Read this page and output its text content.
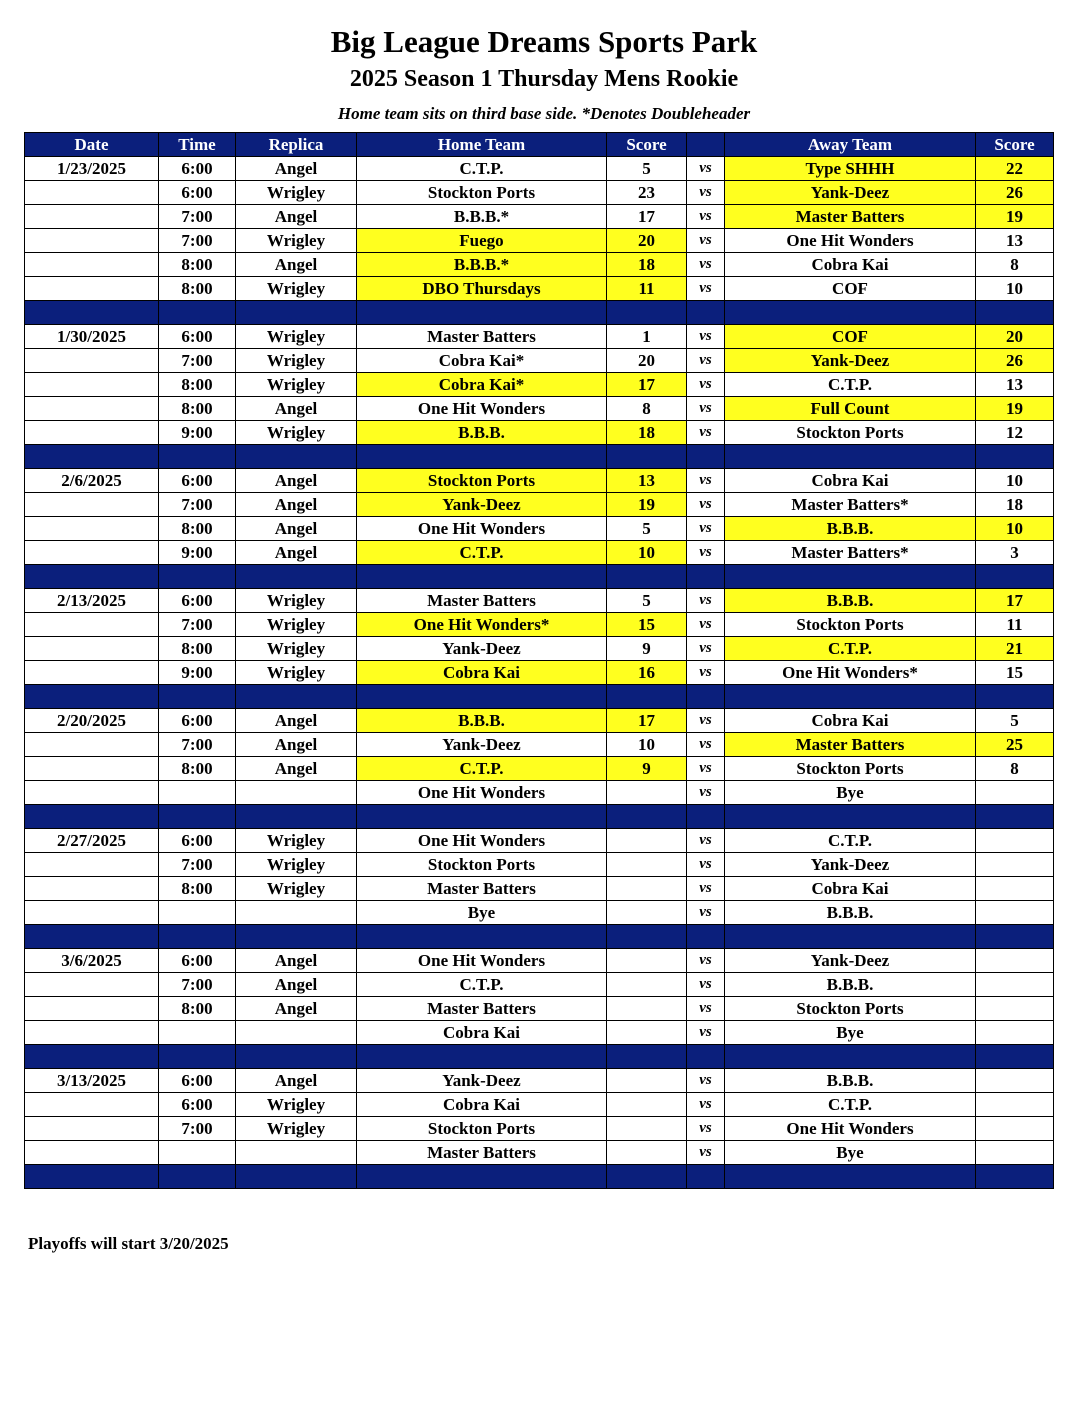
Big League Dreams Sports Park
2025 Season 1 Thursday Mens Rookie
Home team sits on third base side. *Denotes Doubleheader
Date	Time	Replica	Home Team	Score		Away Team	Score
1/23/2025	6:00	Angel	C.T.P.	5	vs	Type SHHH	22
	6:00	Wrigley	Stockton Ports	23	vs	Yank-Deez	26
	7:00	Angel	B.B.B.*	17	vs	Master Batters	19
	7:00	Wrigley	Fuego	20	vs	One Hit Wonders	13
	8:00	Angel	B.B.B.*	18	vs	Cobra Kai	8
	8:00	Wrigley	DBO Thursdays	11	vs	COF	10

1/30/2025	6:00	Wrigley	Master Batters	1	vs	COF	20
	7:00	Wrigley	Cobra Kai*	20	vs	Yank-Deez	26
	8:00	Wrigley	Cobra Kai*	17	vs	C.T.P.	13
	8:00	Angel	One Hit Wonders	8	vs	Full Count	19
	9:00	Wrigley	B.B.B.	18	vs	Stockton Ports	12

2/6/2025	6:00	Angel	Stockton Ports	13	vs	Cobra Kai	10
	7:00	Angel	Yank-Deez	19	vs	Master Batters*	18
	8:00	Angel	One Hit Wonders	5	vs	B.B.B.	10
	9:00	Angel	C.T.P.	10	vs	Master Batters*	3

2/13/2025	6:00	Wrigley	Master Batters	5	vs	B.B.B.	17
	7:00	Wrigley	One Hit Wonders*	15	vs	Stockton Ports	11
	8:00	Wrigley	Yank-Deez	9	vs	C.T.P.	21
	9:00	Wrigley	Cobra Kai	16	vs	One Hit Wonders*	15

2/20/2025	6:00	Angel	B.B.B.	17	vs	Cobra Kai	5
	7:00	Angel	Yank-Deez	10	vs	Master Batters	25
	8:00	Angel	C.T.P.	9	vs	Stockton Ports	8
			One Hit Wonders		vs	Bye	

2/27/2025	6:00	Wrigley	One Hit Wonders		vs	C.T.P.	
	7:00	Wrigley	Stockton Ports		vs	Yank-Deez	
	8:00	Wrigley	Master Batters		vs	Cobra Kai	
			Bye		vs	B.B.B.	

3/6/2025	6:00	Angel	One Hit Wonders		vs	Yank-Deez	
	7:00	Angel	C.T.P.		vs	B.B.B.	
	8:00	Angel	Master Batters		vs	Stockton Ports	
			Cobra Kai		vs	Bye	

3/13/2025	6:00	Angel	Yank-Deez		vs	B.B.B.	
	6:00	Wrigley	Cobra Kai		vs	C.T.P.	
	7:00	Wrigley	Stockton Ports		vs	One Hit Wonders	
			Master Batters		vs	Bye	

Playoffs will start 3/20/2025
